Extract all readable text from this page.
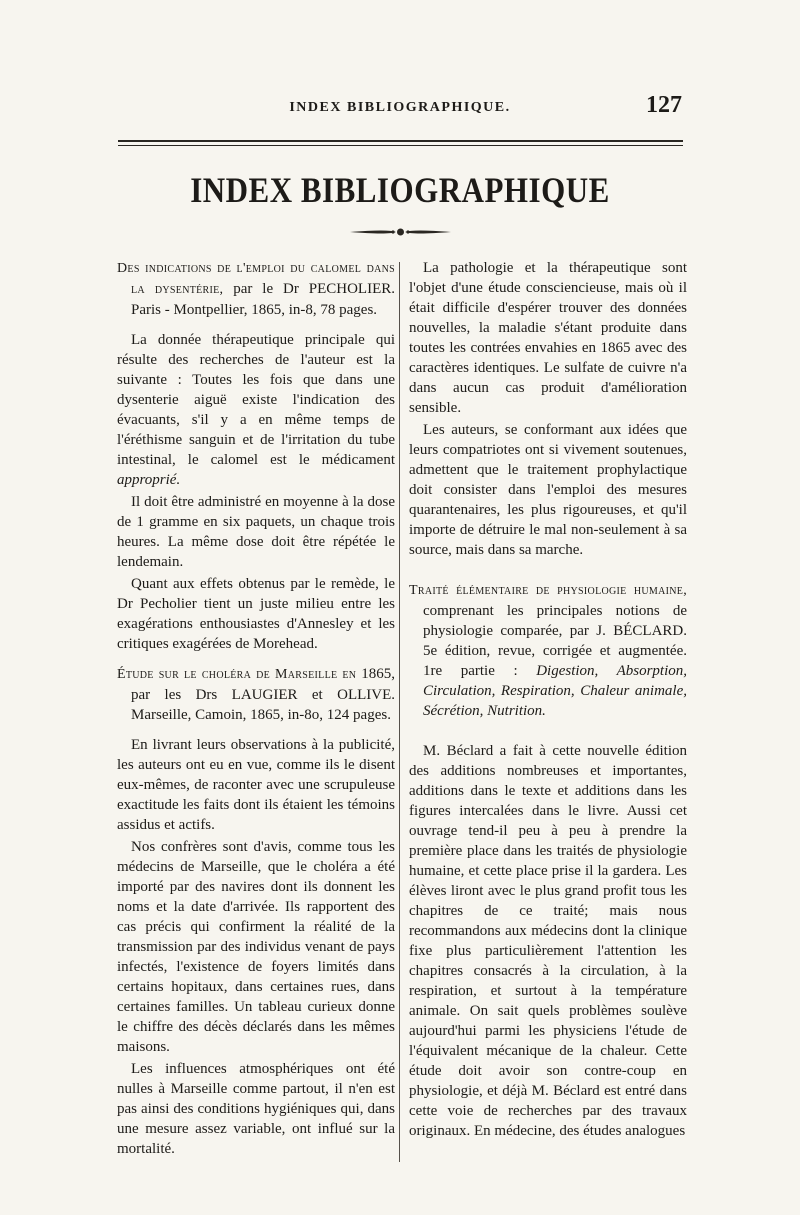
INDEX BIBLIOGRAPHIQUE.	127
INDEX BIBLIOGRAPHIQUE

Des indications de l'emploi du calomel dans la dysentérie, par le Dr PECHOLIER. Paris - Montpellier, 1865, in-8, 78 pages.

La donnée thérapeutique principale qui résulte des recherches de l'auteur est la suivante : Toutes les fois que dans une dysenterie aiguë existe l'indication des évacuants, s'il y a en même temps de l'éréthisme sanguin et de l'irritation du tube intestinal, le calomel est le médicament approprié.

Il doit être administré en moyenne à la dose de 1 gramme en six paquets, un chaque trois heures. La même dose doit être répétée le lendemain.

Quant aux effets obtenus par le remède, le Dr Pecholier tient un juste milieu entre les exagérations enthousiastes d'Annesley et les critiques exagérées de Morehead.

Étude sur le choléra de Marseille en 1865, par les Drs LAUGIER et OLLIVE. Marseille, Camoin, 1865, in-8o, 124 pages.

En livrant leurs observations à la publicité, les auteurs ont eu en vue, comme ils le disent eux-mêmes, de raconter avec une scrupuleuse exactitude les faits dont ils étaient les témoins assidus et actifs.

Nos confrères sont d'avis, comme tous les médecins de Marseille, que le choléra a été importé par des navires dont ils donnent les noms et la date d'arrivée. Ils rapportent des cas précis qui confirment la réalité de la transmission par des individus venant de pays infectés, l'existence de foyers limités dans certains hopitaux, dans certaines rues, dans certaines familles. Un tableau curieux donne le chiffre des décès déclarés dans les mêmes maisons.

Les influences atmosphériques ont été nulles à Marseille comme partout, il n'en est pas ainsi des conditions hygiéniques qui, dans une mesure assez variable, ont influé sur la mortalité.

La pathologie et la thérapeutique sont l'objet d'une étude consciencieuse, mais où il était difficile d'espérer trouver des données nouvelles, la maladie s'étant produite dans toutes les contrées envahies en 1865 avec des caractères identiques. Le sulfate de cuivre n'a dans aucun cas produit d'amélioration sensible.

Les auteurs, se conformant aux idées que leurs compatriotes ont si vivement soutenues, admettent que le traitement prophylactique doit consister dans l'emploi des mesures quarantenaires, les plus rigoureuses, et qu'il importe de détruire le mal non-seulement à sa source, mais dans sa marche.

Traité élémentaire de physiologie humaine, comprenant les principales notions de physiologie comparée, par J. BÉCLARD. 5e édition, revue, corrigée et augmentée. 1re partie : Digestion, Absorption, Circulation, Respiration, Chaleur animale, Sécrétion, Nutrition.

M. Béclard a fait à cette nouvelle édition des additions nombreuses et importantes, additions dans le texte et additions dans les figures intercalées dans le livre. Aussi cet ouvrage tend-il peu à peu à prendre la première place dans les traités de physiologie humaine, et cette place prise il la gardera. Les élèves liront avec le plus grand profit tous les chapitres de ce traité; mais nous recommandons aux médecins dont la clinique fixe plus particulièrement l'attention les chapitres consacrés à la circulation, à la respiration, et surtout à la température animale. On sait quels problèmes soulève aujourd'hui parmi les physiciens l'étude de l'équivalent mécanique de la chaleur. Cette étude doit avoir son contre-coup en physiologie, et déjà M. Béclard est entré dans cette voie de recherches par des travaux originaux. En médecine, des études analogues
